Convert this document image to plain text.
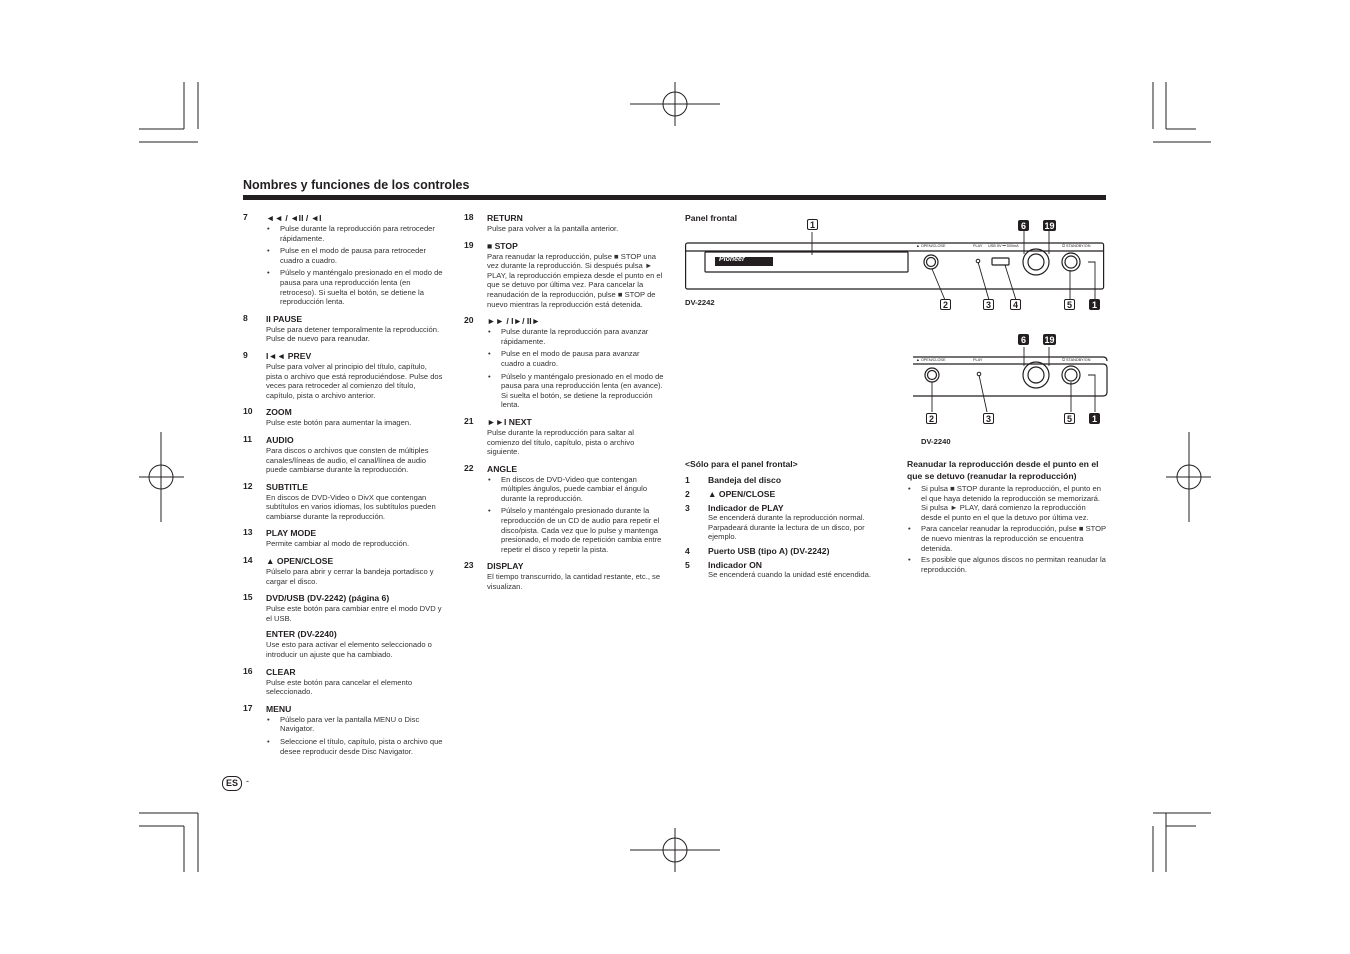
Nombres y funciones de los controles
7 ◄◄ / ◄II / ◄I
• Pulse durante la reproducción para retroceder rápidamente.
• Pulse en el modo de pausa para retroceder cuadro a cuadro.
• Púlselo y manténgalo presionado en el modo de pausa para una reproducción lenta (en retroceso). Si suelta el botón, se detiene la reproducción lenta.
8 II PAUSE
Pulse para detener temporalmente la reproducción. Pulse de nuevo para reanudar.
9 I◄◄ PREV
Pulse para volver al principio del título, capítulo, pista o archivo que está reproduciéndose. Pulse dos veces para retroceder al comienzo del título, capítulo, pista o archivo anterior.
10 ZOOM
Pulse este botón para aumentar la imagen.
11 AUDIO
Para discos o archivos que consten de múltiples canales/líneas de audio, el canal/línea de audio puede cambiarse durante la reproducción.
12 SUBTITLE
En discos de DVD-Video o DivX que contengan subtítulos en varios idiomas, los subtítulos pueden cambiarse durante la reproducción.
13 PLAY MODE
Permite cambiar al modo de reproducción.
14 ▲ OPEN/CLOSE
Púlselo para abrir y cerrar la bandeja portadisco y cargar el disco.
15 DVD/USB (DV-2242) (página 6)
Pulse este botón para cambiar entre el modo DVD y el USB.
ENTER (DV-2240)
Use esto para activar el elemento seleccionado o introducir un ajuste que ha cambiado.
16 CLEAR
Pulse este botón para cancelar el elemento seleccionado.
17 MENU
• Púlselo para ver la pantalla MENU o Disc Navigator.
• Seleccione el título, capítulo, pista o archivo que desee reproducir desde Disc Navigator.
18 RETURN
Pulse para volver a la pantalla anterior.
19 ■ STOP
Para reanudar la reproducción, pulse ■ STOP una vez durante la reproducción. Si después pulsa ► PLAY, la reproducción empieza desde el punto en el que se detuvo por última vez. Para cancelar la reanudación de la reproducción, pulse ■ STOP de nuevo mientras la reproducción está detenida.
20 ►► / I►/ II►
• Pulse durante la reproducción para avanzar rápidamente.
• Pulse en el modo de pausa para avanzar cuadro a cuadro.
• Púlselo y manténgalo presionado en el modo de pausa para una reproducción lenta (en avance). Si suelta el botón, se detiene la reproducción lenta.
21 ►►I NEXT
Pulse durante la reproducción para saltar al comienzo del título, capítulo, pista o archivo siguiente.
22 ANGLE
• En discos de DVD-Video que contengan múltiples ángulos, puede cambiar el ángulo durante la reproducción.
• Púlselo y manténgalo presionado durante la reproducción de un CD de audio para repetir el disco/pista. Cada vez que lo pulse y mantenga presionado, el modo de repetición cambia entre repetir el disco y repetir la pista.
23 DISPLAY
El tiempo transcurrido, la cantidad restante, etc., se visualizan.
Panel frontal
Pioneer
▲ OPEN/CLOSE	PLAY USB 5V ⎓ 500mA	⏻ STANDBY/ON
1	6	19
2	3	4	5	1
DV-2242
▲ OPEN/CLOSE	PLAY	⏻ STANDBY/ON
6	19
2	3	5	1
DV-2240
<Sólo para el panel frontal>
1 Bandeja del disco
2 ▲ OPEN/CLOSE
3 Indicador de PLAY
Se encenderá durante la reproducción normal. Parpadeará durante la lectura de un disco, por ejemplo.
4 Puerto USB (tipo A) (DV-2242)
5 Indicador ON
Se encenderá cuando la unidad esté encendida.
Reanudar la reproducción desde el punto en el que se detuvo (reanudar la reproducción)
• Si pulsa ■ STOP durante la reproducción, el punto en el que haya detenido la reproducción se memorizará. Si pulsa ► PLAY, dará comienzo la reproducción desde el punto en el que la detuvo por última vez.
• Para cancelar reanudar la reproducción, pulse ■ STOP de nuevo mientras la reproducción se encuentra detenida.
• Es posible que algunos discos no permitan reanudar la reproducción.
ES -
